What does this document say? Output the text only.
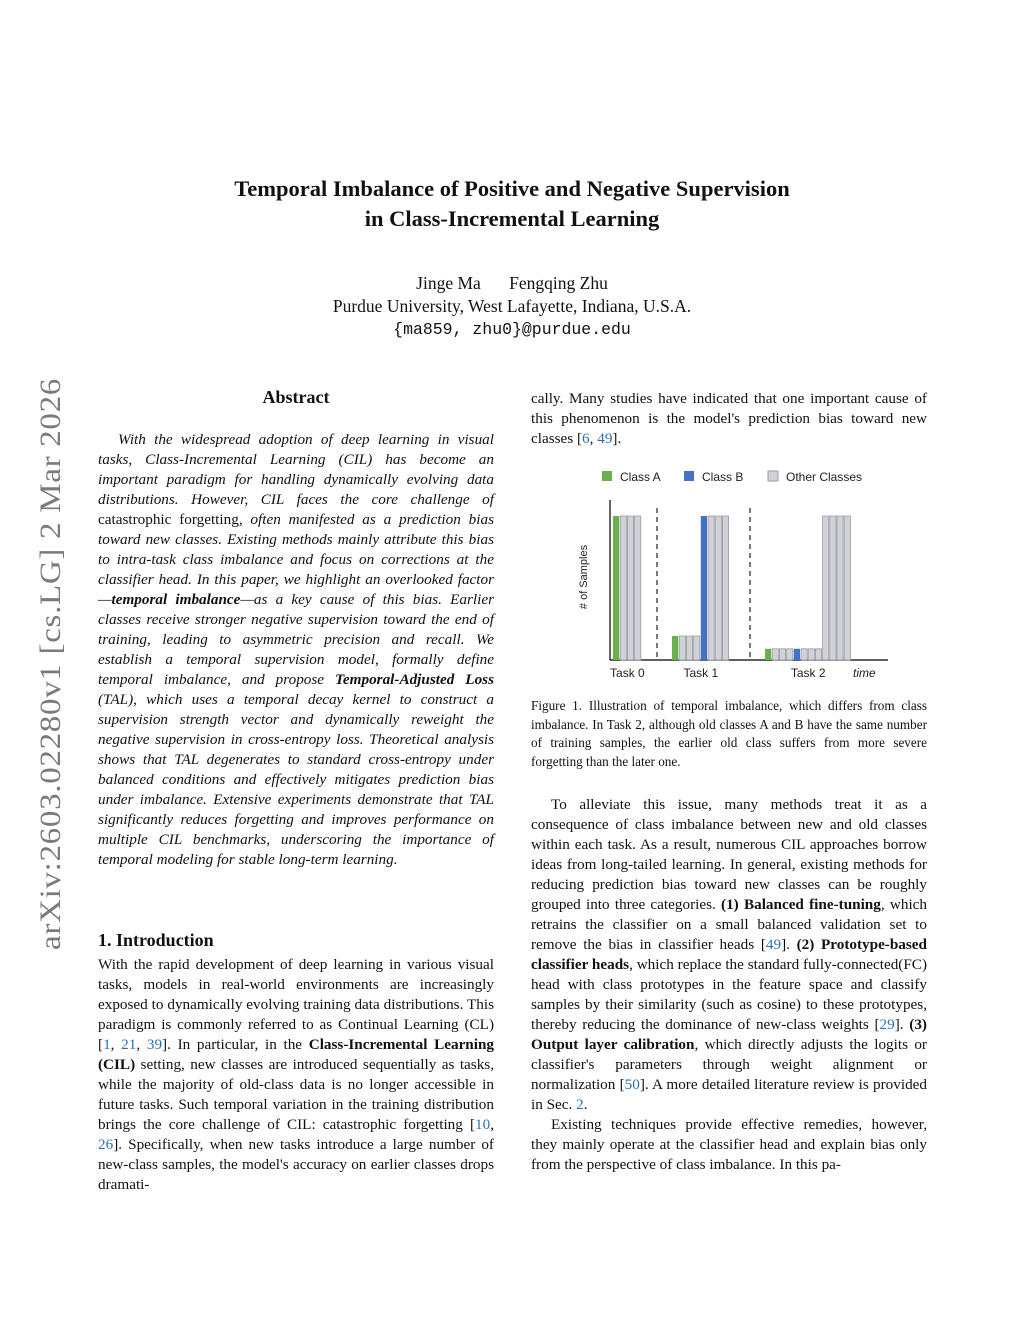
arXiv:2603.02280v1 [cs.LG] 2 Mar 2026
Temporal Imbalance of Positive and Negative Supervision
in Class-Incremental Learning
Jinge Ma Fengqing Zhu
Purdue University, West Lafayette, Indiana, U.S.A.
{ma859, zhu0}@purdue.edu
Abstract
With the widespread adoption of deep learning in visual tasks, Class-Incremental Learning (CIL) has become an important paradigm for handling dynamically evolving data distributions. However, CIL faces the core challenge of catastrophic forgetting, often manifested as a prediction bias toward new classes. Existing methods mainly attribute this bias to intra-task class imbalance and focus on corrections at the classifier head. In this paper, we highlight an overlooked factor—temporal imbalance—as a key cause of this bias. Earlier classes receive stronger negative supervision toward the end of training, leading to asymmetric precision and recall. We establish a temporal supervision model, formally define temporal imbalance, and propose Temporal-Adjusted Loss (TAL), which uses a temporal decay kernel to construct a supervision strength vector and dynamically reweight the negative supervision in cross-entropy loss. Theoretical analysis shows that TAL degenerates to standard cross-entropy under balanced conditions and effectively mitigates prediction bias under imbalance. Extensive experiments demonstrate that TAL significantly reduces forgetting and improves performance on multiple CIL benchmarks, underscoring the importance of temporal modeling for stable long-term learning.
1. Introduction
With the rapid development of deep learning in various visual tasks, models in real-world environments are increasingly exposed to dynamically evolving training data distributions. This paradigm is commonly referred to as Continual Learning (CL) [1, 21, 39]. In particular, in the Class-Incremental Learning (CIL) setting, new classes are introduced sequentially as tasks, while the majority of old-class data is no longer accessible in future tasks. Such temporal variation in the training distribution brings the core challenge of CIL: catastrophic forgetting [10, 26]. Specifically, when new tasks introduce a large number of new-class samples, the model's accuracy on earlier classes drops dramati-
cally. Many studies have indicated that one important cause of this phenomenon is the model's prediction bias toward new classes [6, 49].
Class A	Class B	Other Classes
# of Samples
time
Task 0	Task 1	Task 2
Figure 1. Illustration of temporal imbalance, which differs from class imbalance. In Task 2, although old classes A and B have the same number of training samples, the earlier old class suffers from more severe forgetting than the later one.

To alleviate this issue, many methods treat it as a consequence of class imbalance between new and old classes within each task. As a result, numerous CIL approaches borrow ideas from long-tailed learning. In general, existing methods for reducing prediction bias toward new classes can be roughly grouped into three categories. (1) Balanced fine-tuning, which retrains the classifier on a small balanced validation set to remove the bias in classifier heads [49]. (2) Prototype-based classifier heads, which replace the standard fully-connected(FC) head with class prototypes in the feature space and classify samples by their similarity (such as cosine) to these prototypes, thereby reducing the dominance of new-class weights [29]. (3) Output layer calibration, which directly adjusts the logits or classifier's parameters through weight alignment or normalization [50]. A more detailed literature review is provided in Sec. 2.

Existing techniques provide effective remedies, however, they mainly operate at the classifier head and explain bias only from the perspective of class imbalance. In this pa-
